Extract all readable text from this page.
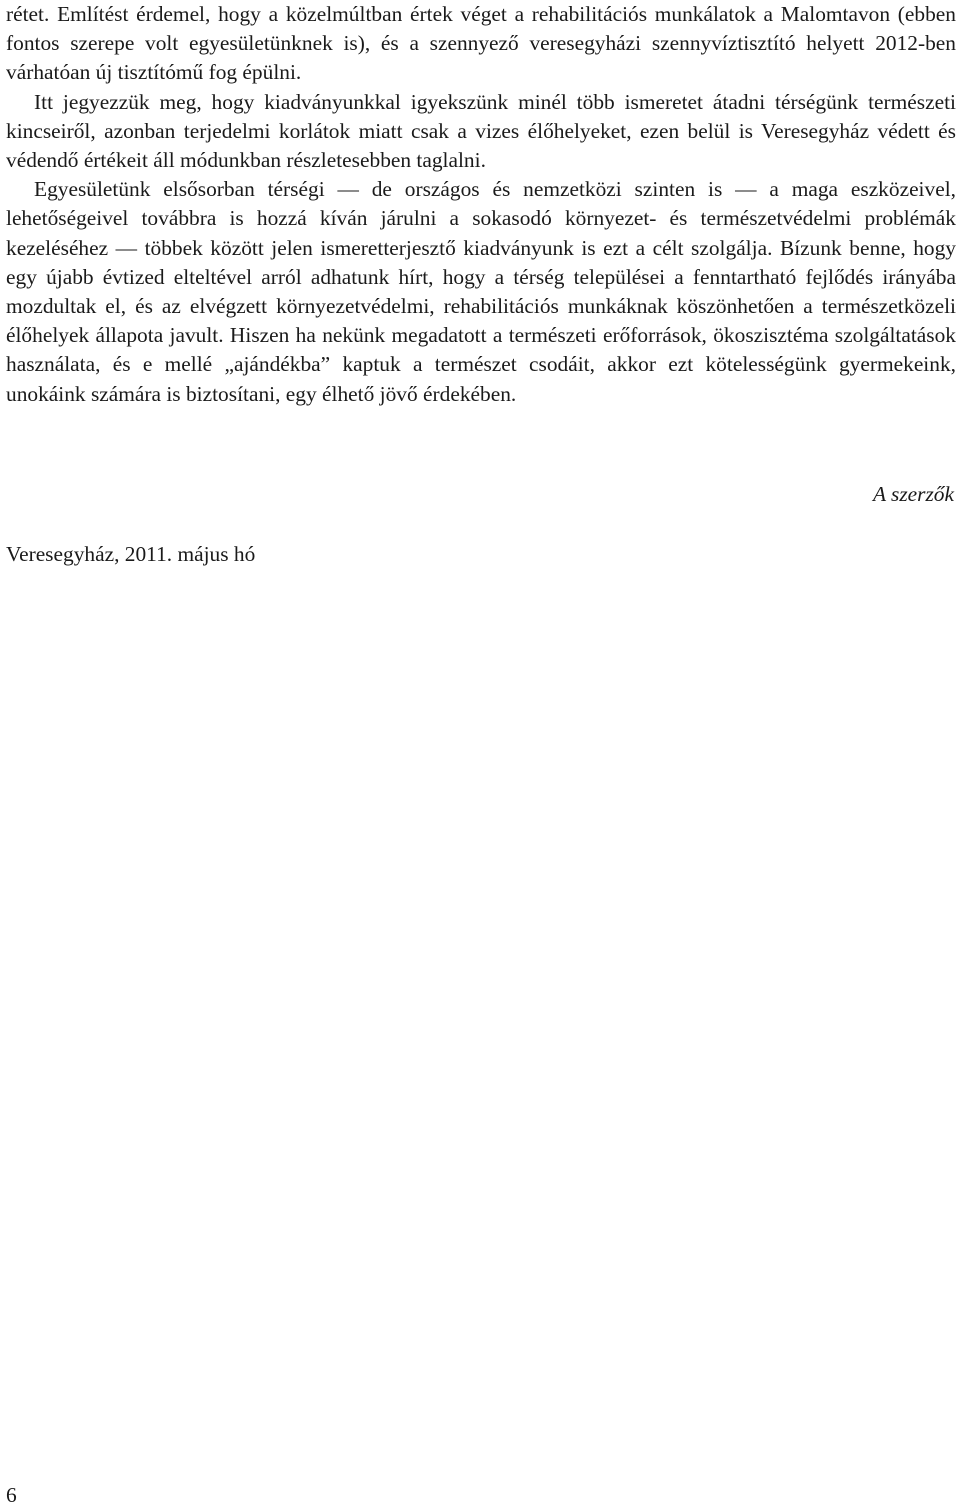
rétet. Említést érdemel, hogy a közelmúltban értek véget a rehabilitációs munkálatok a Malomtavon (ebben fontos szerepe volt egyesületünknek is), és a szennyező veresegyházi szennyvíztisztító helyett 2012-ben várhatóan új tisztítómű fog épülni.

Itt jegyezzük meg, hogy kiadványunkkal igyekszünk minél több ismeretet átadni térségünk természeti kincseiről, azonban terjedelmi korlátok miatt csak a vizes élőhelyeket, ezen belül is Veresegyház védett és védendő értékeit áll módunkban részletesebben taglalni.

Egyesületünk elsősorban térségi — de országos és nemzetközi szinten is — a maga eszközeivel, lehetőségeivel továbbra is hozzá kíván járulni a sokasodó környezet- és természetvédelmi problémák kezeléséhez — többek között jelen ismeretterjesztő kiadványunk is ezt a célt szolgálja. Bízunk benne, hogy egy újabb évtized elteltével arról adhatunk hírt, hogy a térség települései a fenntartható fejlődés irányába mozdultak el, és az elvégzett környezetvédelmi, rehabilitációs munkáknak köszönhetően a természetközeli élőhelyek állapota javult. Hiszen ha nekünk megadatott a természeti erőforrások, ökoszisztéma szolgáltatások használata, és e mellé „ajándékba” kaptuk a természet csodáit, akkor ezt kötelességünk gyermekeink, unokáink számára is biztosítani, egy élhető jövő érdekében.

A szerzők
Veresegyház, 2011. május hó
6
